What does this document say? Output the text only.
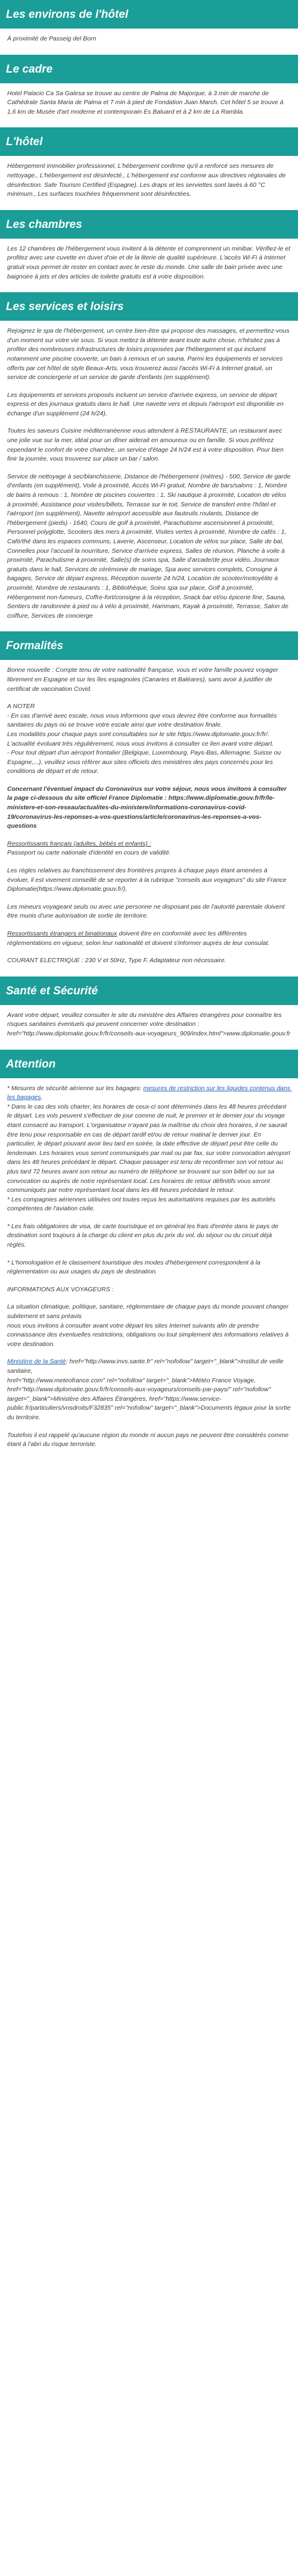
Les environs de l'hôtel

À proximité de Passeig del Born

Le cadre

Hotel Palacio Ca Sa Galesa se trouve au centre de Palma de Majorque, à 3 min de marche de Cathédrale Santa Maria de Palma et 7 min à pied de Fondation Juan March. Cet hôtel 5 se trouve à 1,6 km de Musée d'art moderne et contemporain Es Baluard et à 2 km de La Rambla.

L'hôtel

Hébergement immobilier professionnel, L'hébergement confirme qu'il a renforcé ses mesures de nettoyage., L'hébergement est désinfecté., L'hébergement est conforme aux directives régionales de désinfection. Safe Tourism Certified (Espagne). Les draps et les serviettes sont lavés à 60 °C minimum., Les surfaces touchées fréquemment sont désinfectées.

Les chambres

Les 12 chambres de l'hébergement vous invitent à la détente et comprennent un minibar. Vérifiez-le et profitez avec une cuvette en duvet d'oie et de la literie de qualité supérieure. L'accès Wi-Fi à Internet gratuit vous permet de rester en contact avec le reste du monde. Une salle de bain privée avec une baignoire à jets et des articles de toilette gratuits est à votre disposition.

Les services et loisirs

Rejoignez le spa de l'hébergement, un centre bien-être qui propose des massages, et permettez-vous d'un moment sur votre vie sous. Si vous mettez la détente avant toute autre chose, n'hésitez pas à profiter des nombreuses infrastructures de loisirs proposées par l'hébergement et qui incluent notamment une piscine couverte, un bain à remous et un sauna. Parmi les équipements et services offerts par cet hôtel de style Beaux-Arts, vous trouverez aussi l'accès Wi-Fi à Internet gratuit, un service de conciergerie et un service de garde d'enfants (en supplément).

Les équipements et services proposés incluent un service d'arrivée express, un service de départ express et des journaux gratuits dans le hall. Une navette vers et depuis l'aéroport est disponible en échange d'un supplément (24 h/24).

Toutes les saveurs Cuisine méditerranéenne vous attendent à RESTAURANTE, un restaurant avec une jolie vue sur la mer, idéal pour un dîner aiderait en amoureux ou en famille. Si vous préférez cependant le confort de votre chambre, un service d'étage 24 h/24 est à votre disposition. Pour bien finir la journée, vous trouverez sur place un bar / salon.

Service de nettoyage à sec/blanchisserie, Distance de l'hébergement (mètres) - 500, Service de garde d'enfants (en supplément), Voile à proximité, Accès Wi-Fi gratuit, Nombre de bars/salons : 1, Nombre de bains à remous : 1, Nombre de piscines couvertes : 1, Ski nautique à proximité, Location de vélos à proximité, Assistance pour visites/billets, Terrasse sur le toit, Service de transfert entre l'hôtel et l'aéroport (en supplément), Navette aéroport accessible aux fauteuils roulants, Distance de l'hébergement (pieds) - 1640, Cours de golf à proximité, Parachutisme ascensionnel à proximité, Personnel polyglotte, Scooters des mers à proximité, Visites vertes à proximité, Nombre de cafés : 1, Café/thé dans les espaces communs, Laverie, Ascenseur, Location de vélos sur place, Salle de bal, Connelles pour l'accueil la nourriture, Service d'arrivée express, Salles de réunion, Planche à voile à proximité, Parachutisme à proximité, Salle(s) de soins spa, Salle d'arcade/de jeux vidéo, Journaux gratuits dans le hall, Services de cérémonie de mariage, Spa avec services complets, Consigne à bagages, Service de départ express, Réception ouverte 24 h/24, Location de scooter/motoyélite à proximité, Nombre de restaurants : 1, Bibliothèque, Soins spa sur place, Golf à proximité, Hébergement non-fumeurs, Coffre-fort/consigne à la réception, Snack bar et/ou épicerie fine, Sauna, Sentiers de randonnée à pied ou à vélo à proximité, Hammam, Kayak à proximité, Terrasse, Salon de coiffure, Services de concierge

Formalités

Bonne nouvelle : Compte tenu de votre nationalité française, vous et votre famille pouvez voyager librement en Espagne et sur les îles espagnoles (Canaries et Baléares), sans avoir à justifier de certificat de vaccination Covid.

A NOTER
- En cas d'arrivé avec escale, nous vous informons que vous devrez être conforme aux formalités sanitaires du pays où se trouve votre escale ainsi que votre destination finale.
Les modalités pour chaque pays sont consultables sur le site https://www.diplomatie.gouv.fr/fr/. L'actualité évoluant très régulièrement, nous vous invitons à consulter ce lien avant votre départ.
- Pour tout départ d'un aéroport frontalier (Belgique, Luxembourg, Pays-Bas, Allemagne, Suisse ou Espagne,...), veuillez vous référer aux sites officiels des ministères des pays concernés pour les conditions de départ et de retour.

Concernant l'éventuel impact du Coronavirus sur votre séjour, nous vous invitons à consulter la page ci-dessous du site officiel France Diplomatie : https://www.diplomatie.gouv.fr/fr/le-ministere-et-son-reseau/actualites-du-ministere/informations-coronavirus-covid-19/coronavirus-les-reponses-a-vos-questions/article/coronavirus-les-reponses-a-vos-questions

Ressortissants français (adultes, bébés et enfants) :
Passeport ou carte nationale d'identité en cours de validité.

Les règles relatives au franchissement des frontières propres à chaque pays étant amenées à évoluer, il est vivement conseillé de se reporter à la rubrique "conseils aux voyageurs" du site France Diplomatie(https://www.diplomatie.gouv.fr/).

Les mineurs voyageant seuls ou avec une personne ne disposant pas de l'autorité parentale doivent être munis d'une autorisation de sortie de territoire.

Ressortissants étrangers et binationaux doivent être en conformité avec les différentes réglementations en vigueur, selon leur nationalité et doivent s'informer auprès de leur consulat.

COURANT ELECTRIQUE : 230 V et 50Hz, Type F. Adaptateur non nécessaire.

Santé et Sécurité

Avant votre départ, veuillez consulter le site du ministère des Affaires étrangères pour connaître les risques sanitaires éventuels qui peuvent concerner votre destination : href="http://www.diplomatie.gouv.fr/fr/conseils-aux-voyageurs_909/index.html">www.diplomatie.gouv.fr

Attention

* Mesures de sécurité aérienne sur les bagages: mesures de restriction sur les liquides contenus dans les bagages.
* Dans le cas des vols charter, les horaires de ceux-ci sont déterminés dans les 48 heures précédant le départ. Les vols peuvent s'effectuer de jour comme de nuit, le premier et le dernier jour du voyage étant consacré au transport. L'organisateur n'ayant pas la maîtrise du choix des horaires, il ne saurait être tenu pour responsable en cas de départ tardif et/ou de retour matinal le dernier jour. En particulier, le départ pouvant avoir lieu tard en soirée, la date effective de départ peut être celle du lendemain. Les horaires vous seront communiqués par mail ou par fax, sur votre convocation aéroport dans les 48 heures précédant le départ. Chaque passager est tenu de reconfirmer son vol retour au plus tard 72 heures avant son retour au numéro de téléphone se trouvant sur son billet ou sur sa convocation ou auprès de notre représentant local. Les horaires de retour définitifs vous seront communiqués par notre représentant local dans les 48 heures précédant le retour.
* Les compagnies aériennes utilisées ont toutes reçus les autorisations requises par les autorités compétentes de l'aviation civile.

* Les frais obligatoires de visa, de carte touristique et en général les frais d'entrée dans le pays de destination sont toujours à la charge du client en plus du prix du vol, du séjour ou du circuit déjà réglés.

* L'homologation et le classement touristique des modes d'hébergement correspondent à la réglementation ou aux usages du pays de destination.

INFORMATIONS AUX VOYAGEURS :

La situation climatique, politique, sanitaire, réglementaire de chaque pays du monde pouvant changer subitement et sans préavis
nous vous invitons à consulter avant votre départ les sites Internet suivants afin de prendre connaissance des éventuelles restrictions, obligations ou tout simplement des informations relatives à votre destination.

Ministère de la Santé: href="http://www.invs.sante.fr" rel="nofollow" target="_blank">Institut de veille sanitaire,
href="http://www.meteofrance.com" rel="nofollow" target="_blank">Météo France Voyage, href="http://www.diplomatie.gouv.fr/fr/conseils-aux-voyageurs/conseils-par-pays/" rel="nofollow" target="_blank">Ministère des Affaires Étrangères, href="https://www.service-public.fr/particuliers/vosdroits/F32835" rel="nofollow" target="_blank">Documents légaux pour la sortie du territoire.

Toutefois il est rappelé qu'aucune région du monde ni aucun pays ne peuvent être considérés comme étant à l'abri du risque terroriste.
